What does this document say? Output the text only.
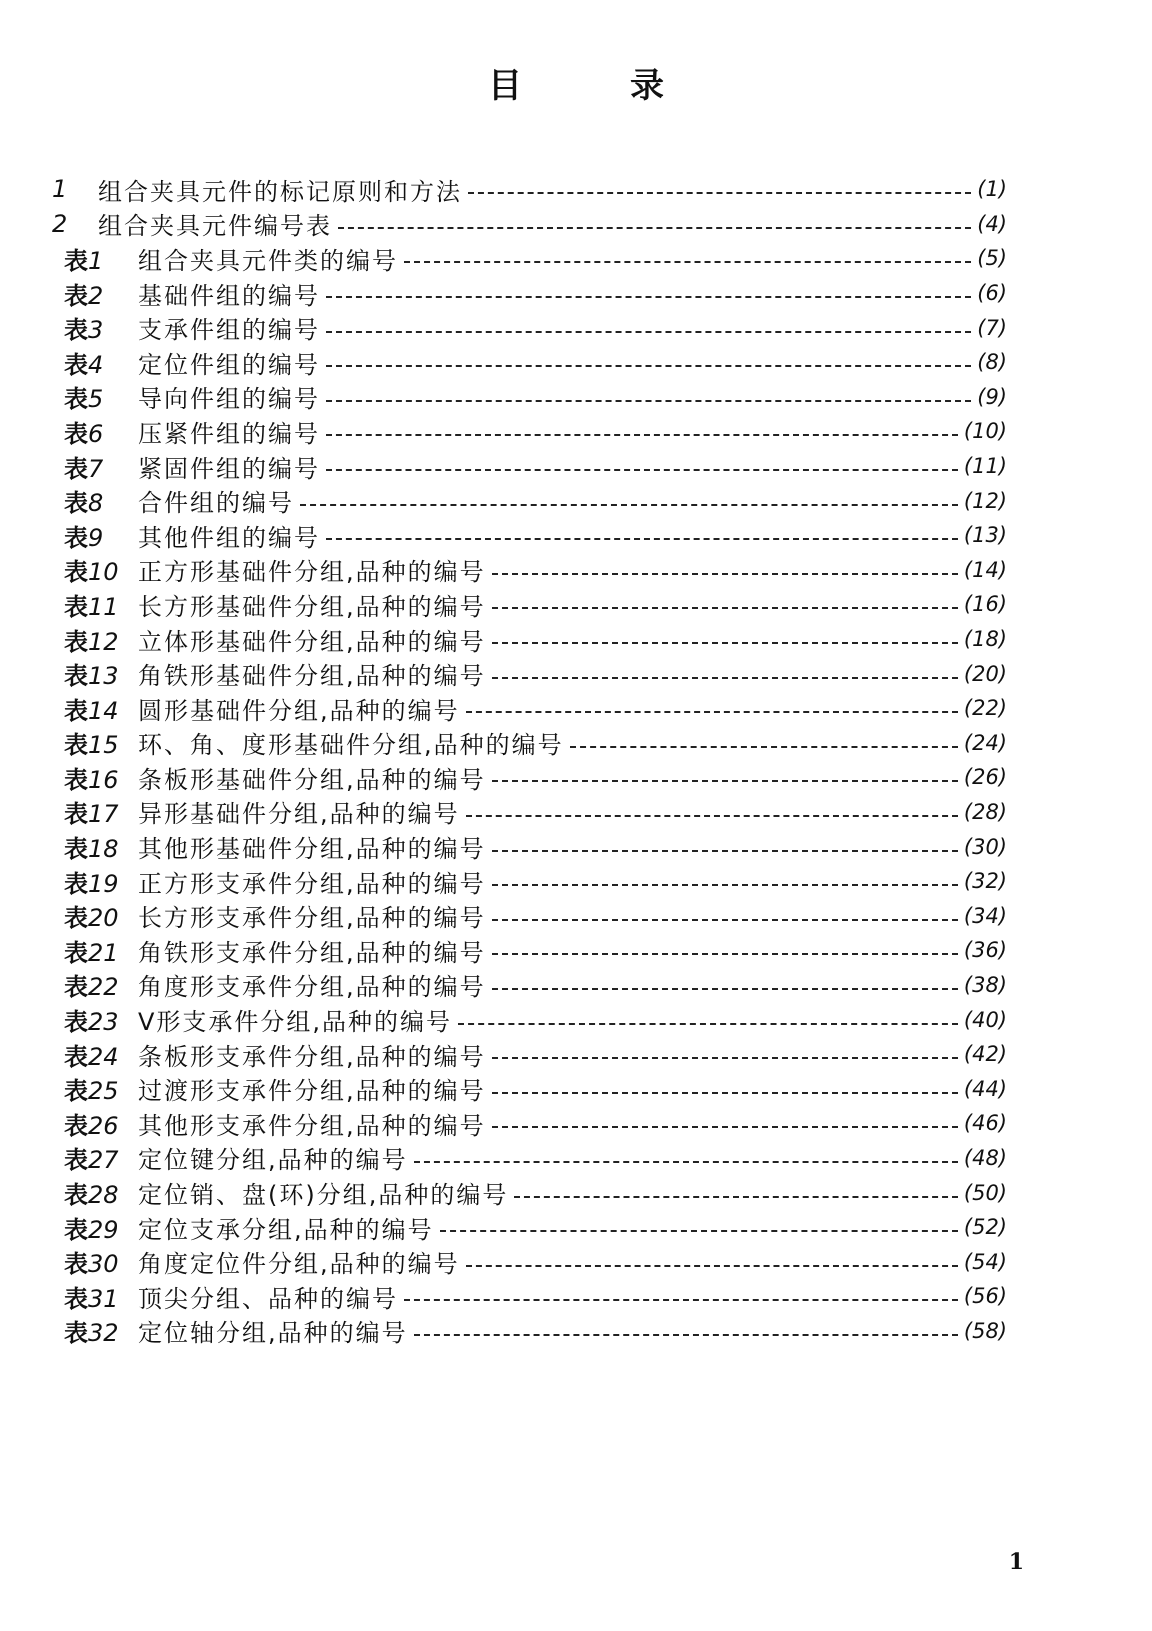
目	录
1	组合夹具元件的标记原则和方法	(1)
2	组合夹具元件编号表	(4)
表1	组合夹具元件类的编号	(5)
表2	基础件组的编号	(6)
表3	支承件组的编号	(7)
表4	定位件组的编号	(8)
表5	导向件组的编号	(9)
表6	压紧件组的编号	(10)
表7	紧固件组的编号	(11)
表8	合件组的编号	(12)
表9	其他件组的编号	(13)
表10 正方形基础件分组,品种的编号	(14)
表11 长方形基础件分组,品种的编号	(16)
表12 立体形基础件分组,品种的编号	(18)
表13 角铁形基础件分组,品种的编号	(20)
表14 圆形基础件分组,品种的编号	(22)
表15 环、角、度形基础件分组,品种的编号	(24)
表16 条板形基础件分组,品种的编号	(26)
表17 异形基础件分组,品种的编号	(28)
表18 其他形基础件分组,品种的编号	(30)
表19 正方形支承件分组,品种的编号	(32)
表20 长方形支承件分组,品种的编号	(34)
表21 角铁形支承件分组,品种的编号	(36)
表22 角度形支承件分组,品种的编号	(38)
表23 V形支承件分组,品种的编号	(40)
表24 条板形支承件分组,品种的编号	(42)
表25 过渡形支承件分组,品种的编号	(44)
表26 其他形支承件分组,品种的编号	(46)
表27 定位键分组,品种的编号	(48)
表28 定位销、盘(环)分组,品种的编号	(50)
表29 定位支承分组,品种的编号	(52)
表30 角度定位件分组,品种的编号	(54)
表31 顶尖分组、品种的编号	(56)
表32 定位轴分组,品种的编号	(58)
1
